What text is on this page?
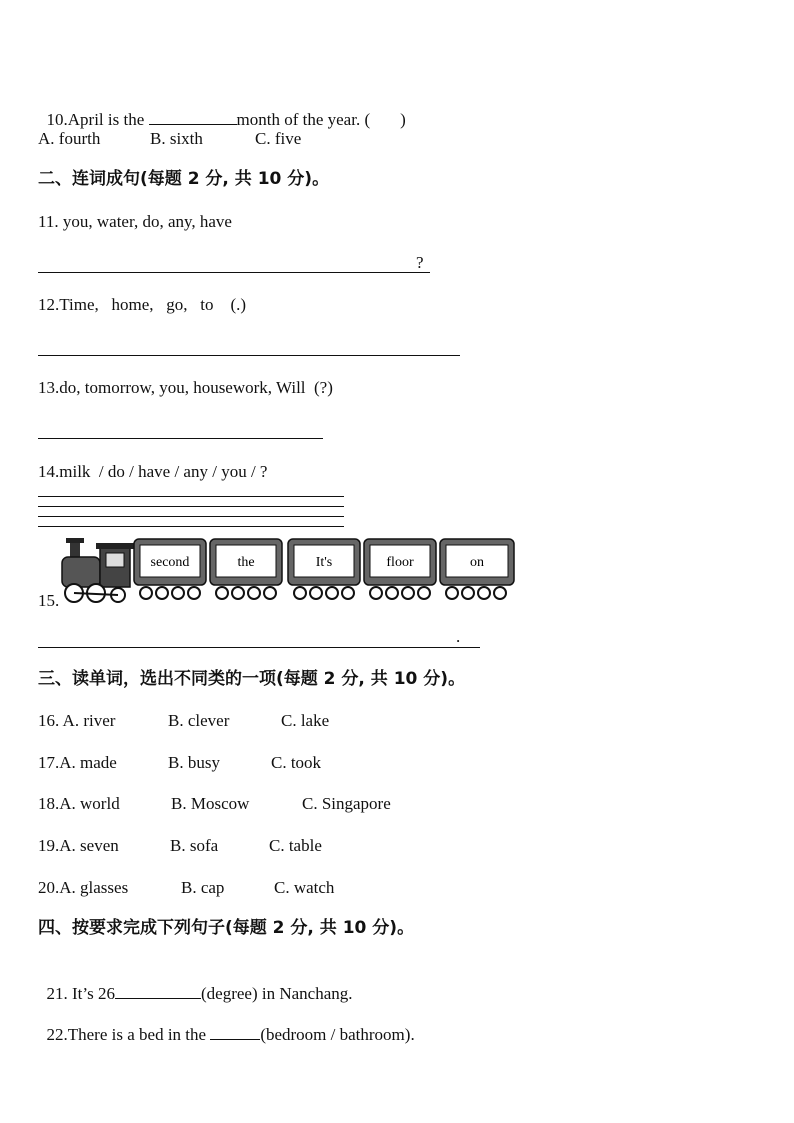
10.April is the	month of the year. ( )

A. fourth	B. sixth	C. five
二、连词成句(每题 2 分, 共 10 分)。
11. you, water, do, any, have
?
12.Time,   home,   go,   to    (.)
13.do, tomorrow, you, housework, Will  (?)
14.milk  / do / have / any / you / ?
15.
second	the	It's	floor	on
.
三、读单词，选出不同类的一项(每题 2 分, 共 10 分)。
16. A. river	B. clever	C. lake
17.A. made	B. busy	C. took
18.A. world	B. Moscow	C. Singapore
19.A. seven	B. sofa	C. table
20.A. glasses	B. cap	C. watch
四、按要求完成下列句子(每题 2 分, 共 10 分)。

21. It’s 26	(degree) in Nanchang.

22.There is a bed in the	(bedroom / bathroom).
